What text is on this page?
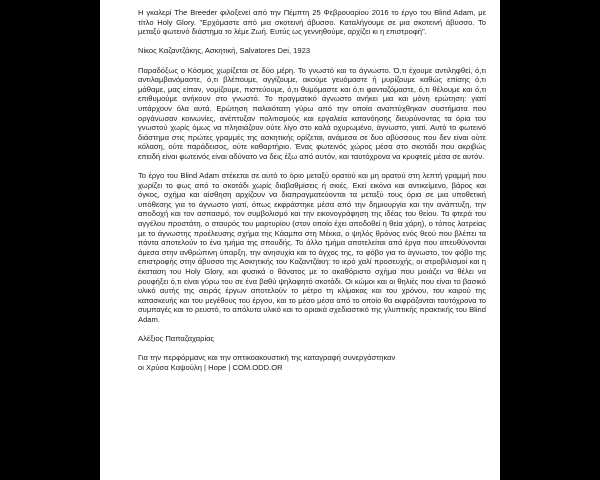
Η γκαλερί The Breeder φιλοξενεί από την Πέμπτη 25 Φεβρουαρίου 2016 το έργο του Blind Adam, με τίτλο Holy Glory. "Ερχόμαστε από μια σκοτεινή άβυσσο. Καταλήγουμε σε μια σκοτεινή άβυσσο. Το μεταξύ φωτεινό διάστημα το λέμε Ζωή. Ευτύς ως γεννηθούμε, αρχίζει κι η επιστροφή".

Νίκος Καζαντζάκης, Ασκητική, Salvatores Dei, 1923

Παραδόξως ο Κόσμος χωρίζεται σε δύο μέρη. Το γνωστό και το άγνωστο. Ό,τι έχουμε αντιληφθεί, ό,τι αντιλαμβανόμαστε, ό,τι βλέπουμε, αγγίζουμε, ακούμε γευόμαστε ή μυρίζουμε καθώς επίσης ό,τι μάθαμε, μας είπαν, νομίζουμε, πιστεύουμε, ό,τι θυμόμαστε και ό,τι φανταζόμαστε, ό,τι θέλουμε και ό,τι επιθυμούμε ανήκουν στο γνωστό. Το πραγματικό άγνωστο ανήκει μια και μόνη ερώτηση: γιατί υπάρχουν όλα αυτά. Ερώτηση παλαιότατη γύρω από την οποία αναπτύχθηκαν συστήματα που οργάνωσαν κοινωνίες, ανέπτυξαν πολιτισμούς και εργαλεία κατανόησης διευρύνοντας τα όρια του γνωστού χωρίς όμως να πλησιάζουν ούτε λίγο στο καλά οχυρωμένο, άγνωστο, γιατί. Αυτό το φωτεινό διάστημα στις πρώτες γραμμές της ασκητικής ορίζεται, ανάμεσα σε δυο αβύσσους που δεν είναι ούτε κόλαση, ούτε παράδεισος, ούτε καθαρτήριο. Ένας φωτεινός χώρος μέσα στο σκοτάδι που ακριβώς επειδή είναι φωτεινός είναι αδύνατο να δεις έξω από αυτόν, και ταυτόχρονα να κρυφτείς μέσα σε αυτόν.

Το έργο του Blind Adam στέκεται σε αυτό το όριο μεταξύ ορατού και μη ορατού στη λεπτή γραμμή που χωρίζει το φως από το σκοτάδι χωρίς διαβαθμίσεις ή σκιές. Εκεί εικόνα και αντικείμενο, βάρος και όγκος, σχήμα και αίσθηση αρχίζουν να διαπραγματεύονται τα μεταξύ τους όρια σε μια υποθετική υπόθεσης για το άγνωστο γιατί, όπως εκφράστηκε μέσα από την δημιουργία και την ανάπτυξη, την αποδοχή και τον ασπασμό, τον συμβολισμό και την εικονογράφηση της ιδέας του θείου. Τα φτερά του αγγέλου προστάτη, ο σταυρός του μαρτυρίου (στον οποίο έχει αποδοθεί η θεία χάρη), ο τόπος λατρείας με το άγνωστης προέλευσης σχήμα της Κάαμπα στη Μέκκα, ο ψηλός θρόνος ενός θεού που βλέπει τα πάντα αποτελούν το ένα τμήμα της σπουδής. Το άλλο τμήμα αποτελείται από έργα που απευθύνονται άμεσα στην ανθρώπινη ύπαρξη, την ανησυχία και το άγχος της, το φόβο για το άγνωστο, τον φόβο της επιστροφής στην άβυσσο της Ασκητικής του Καζαντζάκη: το ιερό χαλί προσευχής, οι στροβιλισμοί και η έκσταση του Holy Glory, και φυσικά ο θάνατος με το ακαθόριστο σχήμα που μοιάζει να θέλει να ρουφήξει ό,τι είναι γύρω του σε ένα βαθύ ψηλαφητό σκοτάδι. Οι κώμοι και οι θηλιές που είναι το βασικό υλικό αυτής της σειράς έργων αποτελούν το μέτρο τη κλίμακας και του χρόνου, του καιρού της κατασκευής και του μεγέθους του έργου, και το μέσο μέσα από το οποίο θα εκφράζονται ταυτόχρονα το συμπαγές και το ρευστό, το απόλυτα υλικό και το οριακά σχεδιαστικό της γλυπτικής πρακτικής του Blind Adam.

Αλέξιος Παπαζαχαρίας

Για την περφόρμανς και την οπτικοακουστική της καταγραφή συνεργάστηκαν
οι Χρύσα Καψούλη | Hope | COM.ODD.OR
